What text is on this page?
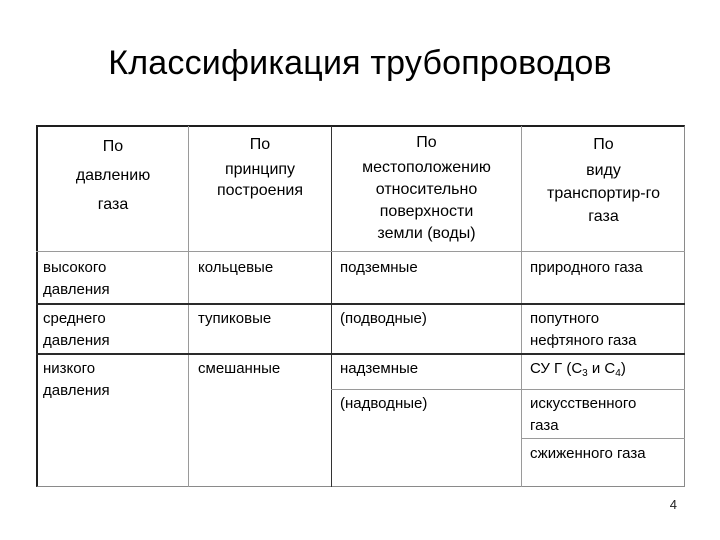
Классификация трубопроводов
По
давлению
газа
По
принципу
построения
По
местоположению
относительно
поверхности
земли (воды)
По
виду
транспортир-го
газа
высокого
давления
среднего
давления
низкого
давления
кольцевые
тупиковые
смешанные
подземные
(подводные)
надземные
(надводные)
природного газа
попутного
нефтяного газа
СУ Г ($С_3$ и $С_4$)
искусственного
газа
сжиженного газа
4
